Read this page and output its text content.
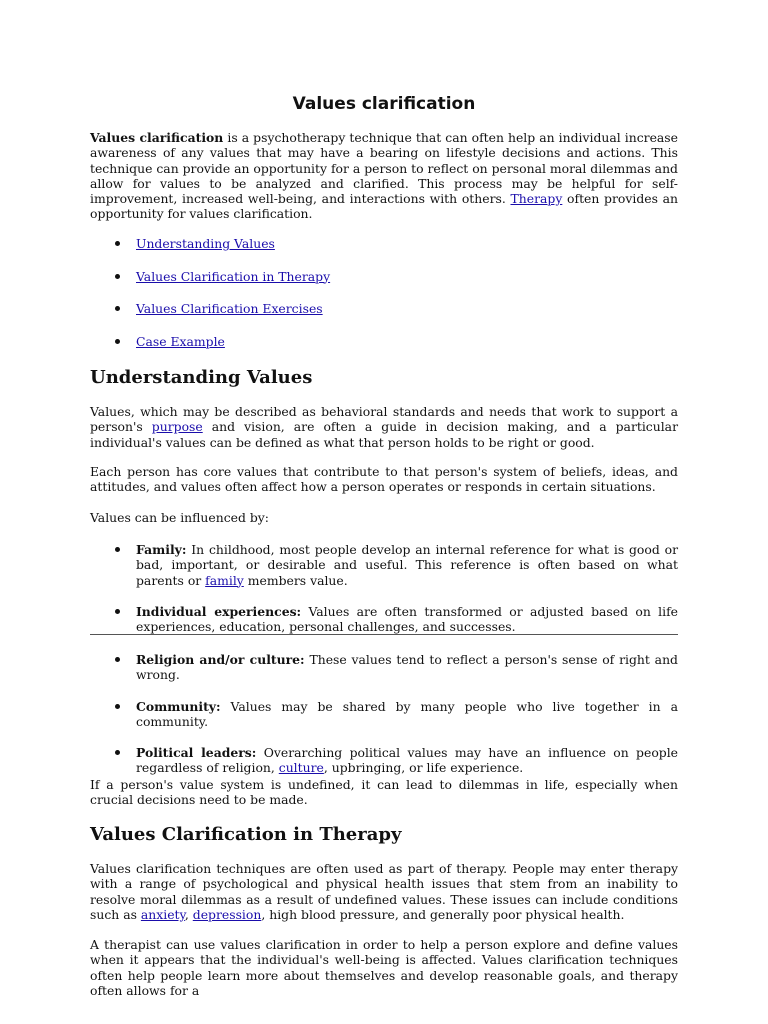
Values clarification

Values clarification is a psychotherapy technique that can often help an individual increase awareness of any values that may have a bearing on lifestyle decisions and actions. This technique can provide an opportunity for a person to reflect on personal moral dilemmas and allow for values to be analyzed and clarified. This process may be helpful for self-improvement, increased well-being, and interactions with others. Therapy often provides an opportunity for values clarification.

Understanding Values
Values Clarification in Therapy
Values Clarification Exercises
Case Example
Understanding Values

Values, which may be described as behavioral standards and needs that work to support a person's purpose and vision, are often a guide in decision making, and a particular individual's values can be defined as what that person holds to be right or good.

Each person has core values that contribute to that person's system of beliefs, ideas, and attitudes, and values often affect how a person operates or responds in certain situations.

Values can be influenced by:

Family: In childhood, most people develop an internal reference for what is good or bad, important, or desirable and useful. This reference is often based on what parents or family members value.
Individual experiences: Values are often transformed or adjusted based on life experiences, education, personal challenges, and successes.
Religion and/or culture: These values tend to reflect a person's sense of right and wrong.
Community: Values may be shared by many people who live together in a community.
Political leaders: Overarching political values may have an influence on people regardless of religion, culture, upbringing, or life experience.

If a person's value system is undefined, it can lead to dilemmas in life, especially when crucial decisions need to be made.

Values Clarification in Therapy

Values clarification techniques are often used as part of therapy. People may enter therapy with a range of psychological and physical health issues that stem from an inability to resolve moral dilemmas as a result of undefined values. These issues can include conditions such as anxiety, depression, high blood pressure, and generally poor physical health.

A therapist can use values clarification in order to help a person explore and define values when it appears that the individual's well-being is affected. Values clarification techniques often help people learn more about themselves and develop reasonable goals, and therapy often allows for a
